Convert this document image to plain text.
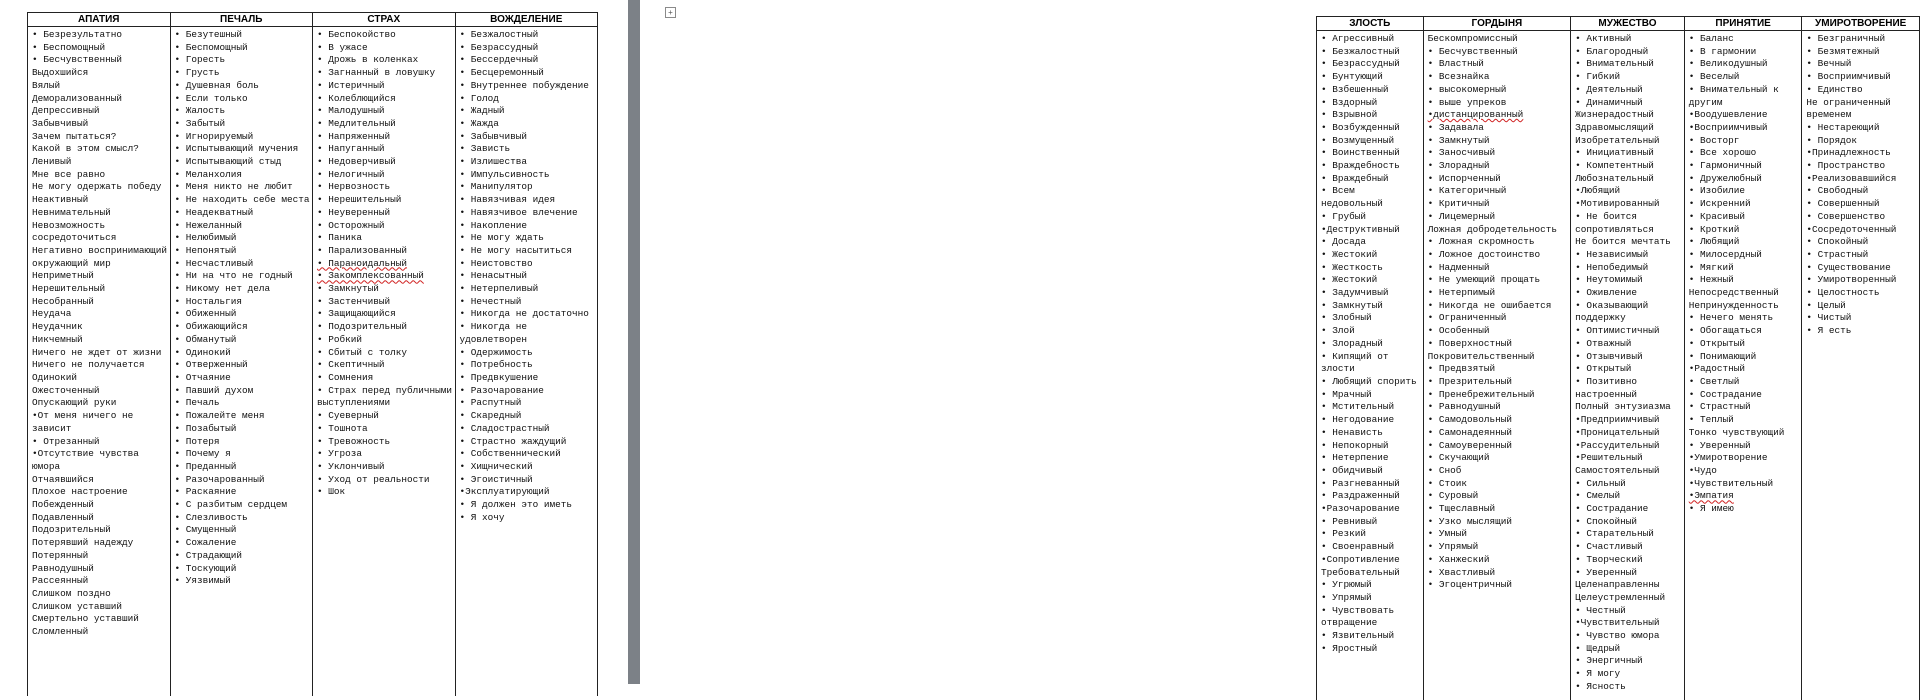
АПАТИЯ
• Безрезультатно
• Беспомощный
• Бесчувственный
Выдохшийся
Вялый
Деморализованный
Депрессивный
Забывчивый
Зачем пытаться?
Какой в этом смысл?
Ленивый
Мне все равно
Не могу одержать победу
Неактивный
Невнимательный
Невозможность сосредоточиться
Негативно воспринимающий окружающий мир
Неприметный
Нерешительный
Несобранный
Неудача
Неудачник
Никчемный
Ничего не ждет от жизни
Ничего не получается
Одинокий
Ожесточенный
Опускающий руки
•От меня ничего не зависит
• Отрезанный
•Отсутствие чувства юмора
Отчаявшийся
Плохое настроение
Побежденный
Подавленный
Подозрительный
Потерявший надежду
Потерянный
Равнодушный
Рассеянный
Слишком поздно
Слишком уставший
Смертельно уставший
Сломленный
ПЕЧАЛЬ
• Безутешный
• Беспомощный
• Горесть
• Грусть
• Душевная боль
• Если только
• Жалость
• Забытый
• Игнорируемый
• Испытывающий мучения
• Испытывающий стыд
• Меланхолия
• Меня никто не любит
• Не находить себе места
• Неадекватный
• Нежеланный
• Нелюбимый
• Непонятый
• Несчастливый
• Ни на что не годный
• Никому нет дела
• Ностальгия
• Обиженный
• Обижающийся
• Обманутый
• Одинокий
• Отверженный
• Отчаяние
• Павший духом
• Печаль
• Пожалейте меня
• Позабытый
• Потеря
• Почему я
• Преданный
• Разочарованный
• Раскаяние
• С разбитым сердцем
• Слезливость
• Смущенный
• Сожаление
• Страдающий
• Тоскующий
• Уязвимый
СТРАХ
• Беспокойство
• В ужасе
• Дрожь в коленках
• Загнанный в ловушку
• Истеричный
• Колеблющийся
• Малодушный
• Медлительный
• Напряженный
• Напуганный
• Недоверчивый
• Нелогичный
• Нервозность
• Нерешительный
• Неуверенный
• Осторожный
• Паника
• Парализованный
• Параноидальный
• Закомплексованный
• Замкнутый
• Застенчивый
• Защищающийся
• Подозрительный
• Робкий
• Сбитый с толку
• Скептичный
• Сомнения
• Страх перед публичными выступлениями
• Суеверный
• Тошнота
• Тревожность
• Угроза
• Уклончивый
• Уход от реальности
• Шок
ВОЖДЕЛЕНИЕ
• Безжалостный
• Безрассудный
• Бессердечный
• Бесцеремонный
• Внутреннее побуждение
• Голод
• Жадный
• Жажда
• Забывчивый
• Зависть
• Излишества
• Импульсивность
• Манипулятор
• Навязчивая идея
• Навязчивое влечение
• Накопление
• Не могу ждать
• Не могу насытиться
• Неистовство
• Ненасытный
• Нетерпеливый
• Нечестный
• Никогда не достаточно
• Никогда не удовлетворен
• Одержимость
• Потребность
• Предвкушение
• Разочарование
• Распутный
• Скаредный
• Сладострастный
• Страстно жаждущий
• Собственнический
• Хищнический
• Эгоистичный
•Эксплуатирующий
• Я должен это иметь
• Я хочу
+
ЗЛОСТЬ
• Агрессивный
• Безжалостный
• Безрассудный
• Бунтующий
• Взбешенный
• Вздорный
• Взрывной
• Возбужденный
• Возмущенный
• Воинственный
• Враждебность
• Враждебный
• Всем недовольный
• Грубый
•Деструктивный
• Досада
• Жестокий
• Жесткость
• Жестокий
• Задумчивый
• Замкнутый
• Злобный
• Злой
• Злорадный
• Кипящий от злости
• Любящий спорить
• Мрачный
• Мстительный
• Негодование
• Ненависть
• Непокорный
• Нетерпение
• Обидчивый
• Разгневанный
• Раздраженный
•Разочарование
• Ревнивый
• Резкий
• Своенравный
•Сопротивление
Требовательный
• Угрюмый
• Упрямый
• Чувствовать отвращение
• Язвительный
• Яростный
ГОРДЫНЯ
Бескомпромиссный
• Бесчувственный
• Властный
• Всезнайка
• высокомерный
• выше упреков
•дистанцированный
• Задавала
• Замкнутый
• Заносчивый
• Злорадный
• Испорченный
• Категоричный
• Критичный
• Лицемерный
Ложная добродетельность
• Ложная скромность
• Ложное достоинство
• Надменный
• Не умеющий прощать
• Нетерпимый
• Никогда не ошибается
• Ограниченный
• Особенный
• Поверхностный
Покровительственный
• Предвзятый
• Презрительный
• Пренебрежительный
• Равнодушный
• Самодовольный
• Самонадеянный
• Самоуверенный
• Скучающий
• Сноб
• Стоик
• Суровый
• Тщеславный
• Узко мыслящий
• Умный
• Упрямый
• Ханжеский
• Хвастливый
• Эгоцентричный
МУЖЕСТВО
• Активный
• Благородный
• Внимательный
• Гибкий
• Деятельный
• Динамичный
Жизнерадостный
Здравомыслящий
Изобретательный
• Инициативный
• Компетентный
Любознательный
•Любящий
•Мотивированный
• Не боится сопротивляться
Не боится мечтать
• Независимый
• Непобедимый
• Неутомимый
• Оживление
• Оказывающий поддержку
• Оптимистичный
• Отважный
• Отзывчивый
• Открытый
• Позитивно настроенный
Полный энтузиазма
•Предприимчивый
•Проницательный
•Рассудительный
•Решительный
Самостоятельный
• Сильный
• Смелый
• Сострадание
• Спокойный
• Старательный
• Счастливый
• Творческий
• Уверенный
Целенаправленны
Целеустремленный
• Честный
•Чувствительный
• Чувство юмора
• Щедрый
• Энергичный
• Я могу
• Ясность
ПРИНЯТИЕ
• Баланс
• В гармонии
• Великодушный
• Веселый
• Внимательный к другим
•Воодушевление
•Восприимчивый
• Восторг
• Все хорошо
• Гармоничный
• Дружелюбный
• Изобилие
• Искренний
• Красивый
• Кроткий
• Любящий
• Милосердный
• Мягкий
• Нежный
Непосредственный
Непринужденность
• Нечего менять
• Обогащаться
• Открытый
• Понимающий
•Радостный
• Светлый
• Сострадание
• Страстный
• Теплый
Тонко чувствующий
• Уверенный
•Умиротворение
•Чудо
•Чувствительный
•Эмпатия
• Я имею
УМИРОТВОРЕНИЕ
• Безграничный
• Безмятежный
• Вечный
• Восприимчивый
• Единство
Не ограниченный временем
• Нестареющий
• Порядок
•Принадлежность
• Пространство
•Реализовавшийся
• Свободный
• Совершенный
• Совершенство
•Сосредоточенный
• Спокойный
• Страстный
• Существование
• Умиротворенный
• Целостность
• Целый
• Чистый
• Я есть
